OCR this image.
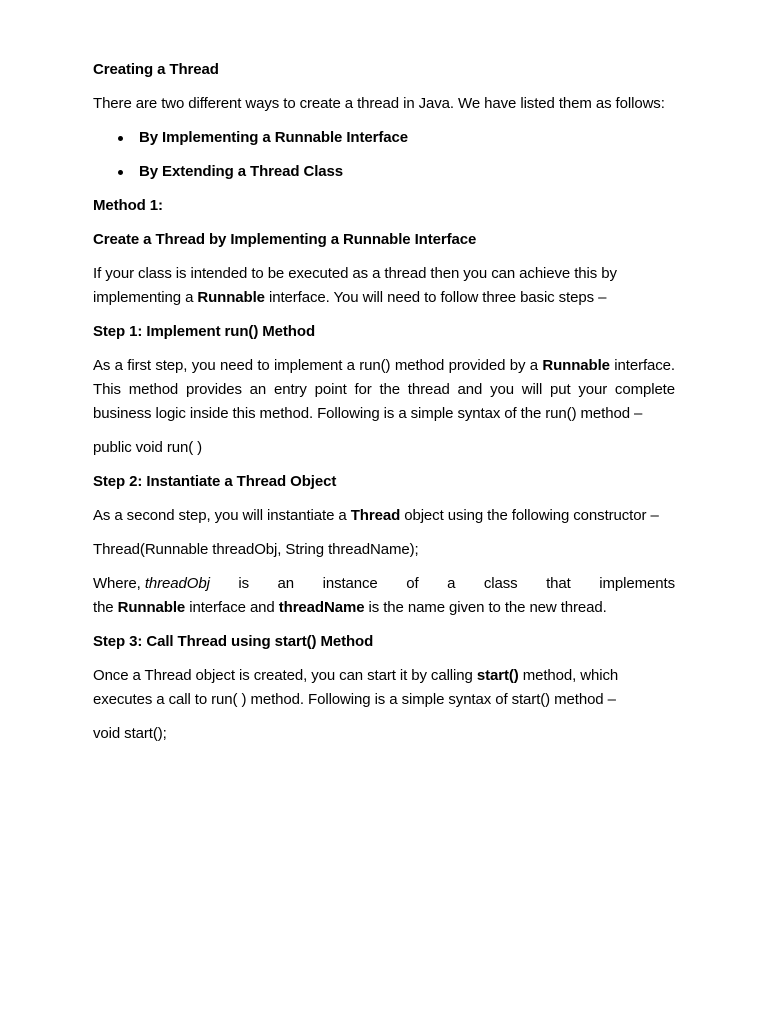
Creating a Thread
There are two different ways to create a thread in Java. We have listed them as follows:
By Implementing a Runnable Interface
By Extending a Thread Class
Method 1:
Create a Thread by Implementing a Runnable Interface
If your class is intended to be executed as a thread then you can achieve this by implementing a Runnable interface. You will need to follow three basic steps –
Step 1: Implement run() Method
As a first step, you need to implement a run() method provided by a Runnable interface. This method provides an entry point for the thread and you will put your complete business logic inside this method. Following is a simple syntax of the run() method –
public void run( )
Step 2: Instantiate a Thread Object
As a second step, you will instantiate a Thread object using the following constructor –
Thread(Runnable threadObj, String threadName);
Where, threadObj is an instance of a class that implements
the Runnable interface and threadName is the name given to the new thread.
Step 3: Call Thread using start() Method
Once a Thread object is created, you can start it by calling start() method, which executes a call to run( ) method. Following is a simple syntax of start() method –
void start();
